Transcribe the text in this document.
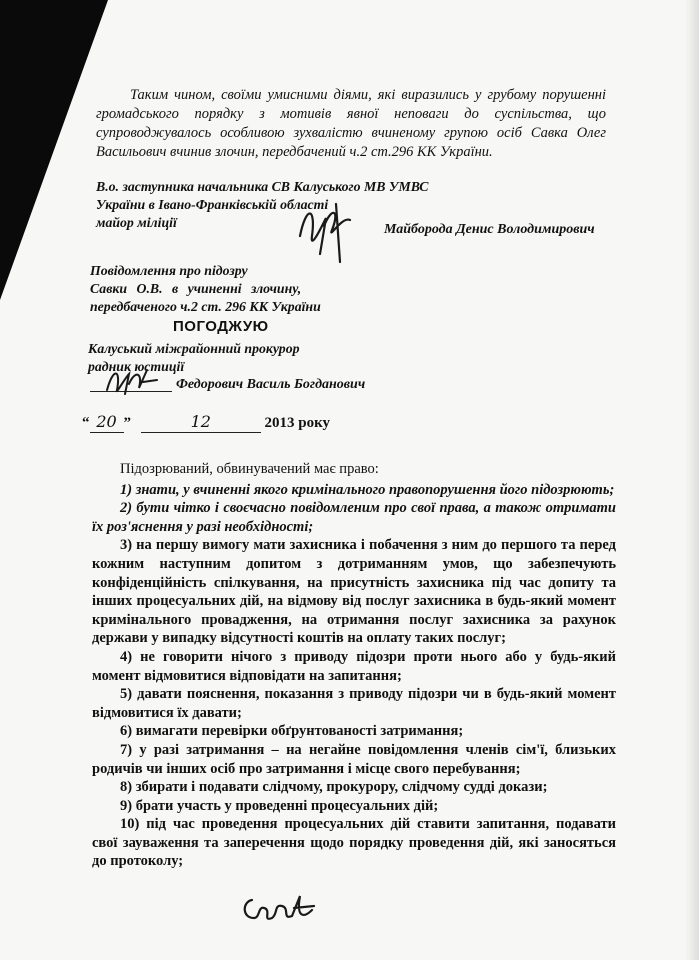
Таким чином, своїми умисними діями, які виразились у грубому порушенні громадського порядку з мотивів явної неповаги до суспільства, що супроводжувалось особливою зухвалістю вчиненому групою осіб Савка Олег Васильович вчинив злочин, передбачений ч.2 ст.296 КК України.

В.о. заступника начальника СВ Калуського МВ УМВС
України в Івано-Франківській області
майор міліції	Майборода Денис Володимирович
Повідомлення про підозру
Савки О.В. в учиненні злочину,
передбаченого ч.2 ст. 296 КК України
ПОГОДЖУЮ
Калуський міжрайонний прокурор
радник юстиції
Федорович Василь Богданович
“ 20 ”	12	2013 року

Підозрюваний, обвинувачений має право:

1) знати, у вчиненні якого кримінального правопорушення його підозрюють;

2) бути чітко і своєчасно повідомленим про свої права, а також отримати їх роз'яснення у разі необхідності;

3) на першу вимогу мати захисника і побачення з ним до першого та перед кожним наступним допитом з дотриманням умов, що забезпечують конфіденційність спілкування, на присутність захисника під час допиту та інших процесуальних дій, на відмову від послуг захисника в будь-який момент кримінального провадження, на отримання послуг захисника за рахунок держави у випадку відсутності коштів на оплату таких послуг;

4) не говорити нічого з приводу підозри проти нього або у будь-який момент відмовитися відповідати на запитання;

5) давати пояснення, показання з приводу підозри чи в будь-який момент відмовитися їх давати;

6) вимагати перевірки обґрунтованості затримання;

7) у разі затримання – на негайне повідомлення членів сім'ї, близьких родичів чи інших осіб про затримання і місце свого перебування;

8) збирати і подавати слідчому, прокурору, слідчому судді докази;

9) брати участь у проведенні процесуальних дій;

10) під час проведення процесуальних дій ставити запитання, подавати свої зауваження та заперечення щодо порядку проведення дій, які заносяться до протоколу;
